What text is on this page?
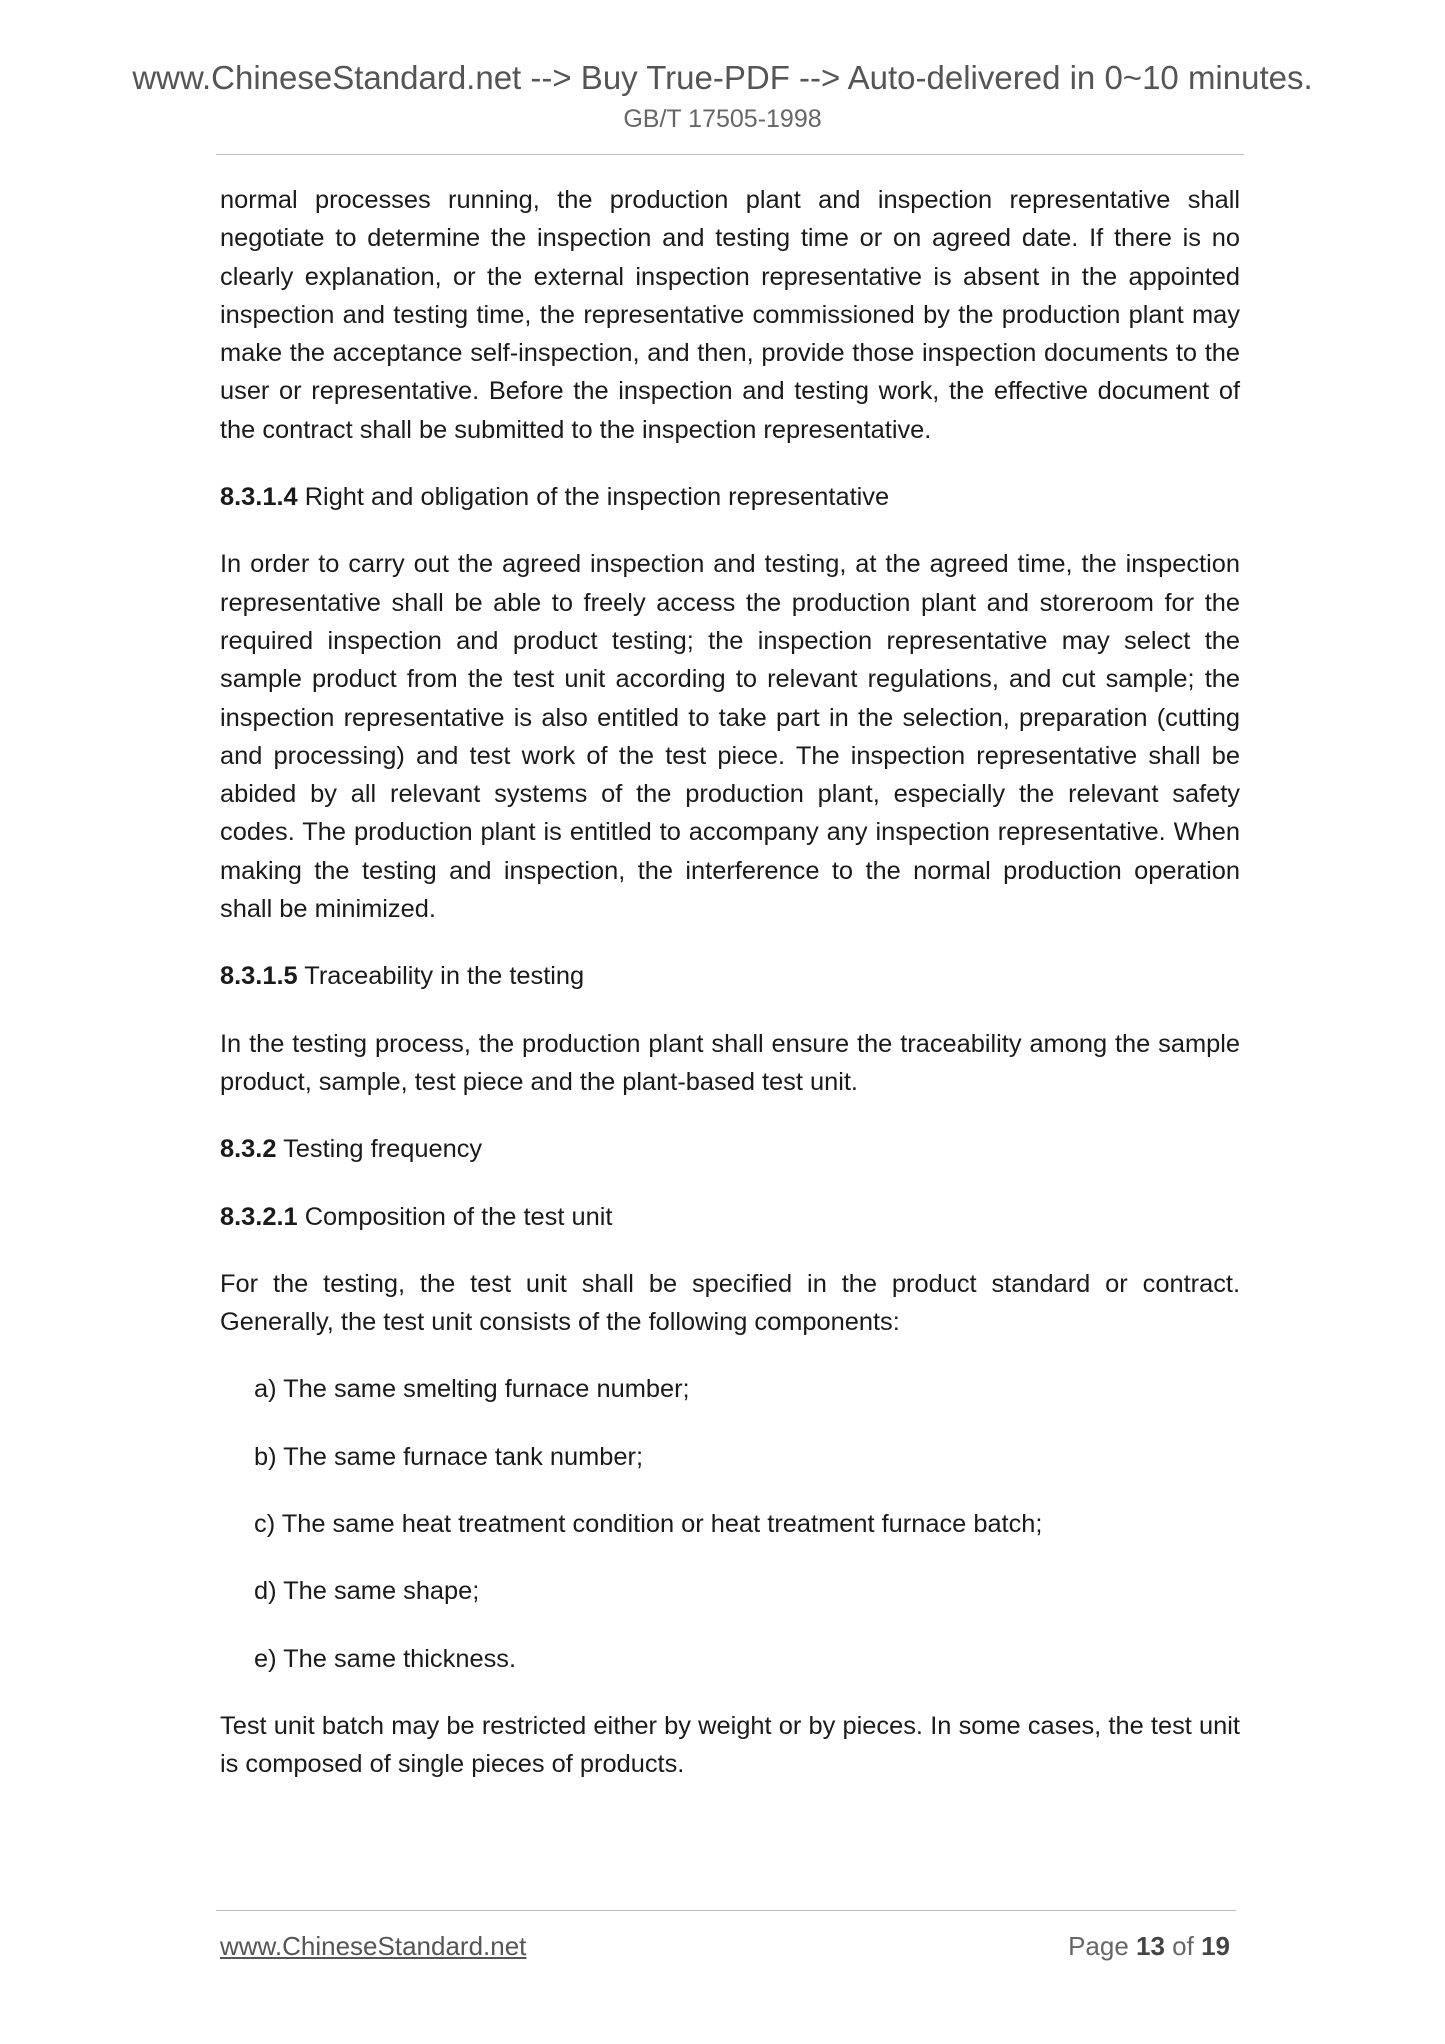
www.ChineseStandard.net --> Buy True-PDF --> Auto-delivered in 0~10 minutes.
GB/T 17505-1998

normal processes running, the production plant and inspection representative shall negotiate to determine the inspection and testing time or on agreed date. If there is no clearly explanation, or the external inspection representative is absent in the appointed inspection and testing time, the representative commissioned by the production plant may make the acceptance self-inspection, and then, provide those inspection documents to the user or representative. Before the inspection and testing work, the effective document of the contract shall be submitted to the inspection representative.

8.3.1.4 Right and obligation of the inspection representative

In order to carry out the agreed inspection and testing, at the agreed time, the inspection representative shall be able to freely access the production plant and storeroom for the required inspection and product testing; the inspection representative may select the sample product from the test unit according to relevant regulations, and cut sample; the inspection representative is also entitled to take part in the selection, preparation (cutting and processing) and test work of the test piece. The inspection representative shall be abided by all relevant systems of the production plant, especially the relevant safety codes. The production plant is entitled to accompany any inspection representative. When making the testing and inspection, the interference to the normal production operation shall be minimized.

8.3.1.5 Traceability in the testing

In the testing process, the production plant shall ensure the traceability among the sample product, sample, test piece and the plant-based test unit.

8.3.2 Testing frequency

8.3.2.1 Composition of the test unit

For the testing, the test unit shall be specified in the product standard or contract. Generally, the test unit consists of the following components:

a) The same smelting furnace number;

b) The same furnace tank number;

c) The same heat treatment condition or heat treatment furnace batch;

d) The same shape;

e) The same thickness.

Test unit batch may be restricted either by weight or by pieces. In some cases, the test unit is composed of single pieces of products.

www.ChineseStandard.net	Page 13 of 19
